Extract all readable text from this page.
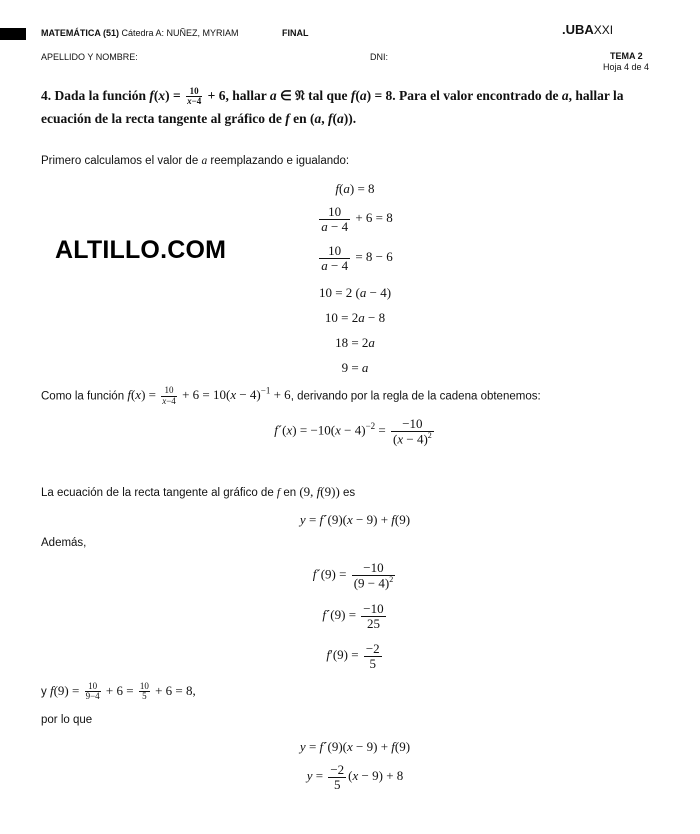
MATEMÁTICA (51) Cátedra A: NUÑEZ, MYRIAM	FINAL	.UBAXXI
APELLIDO Y NOMBRE:	DNI:	TEMA 2
Hoja 4 de 4
4. Dada la función $f(x) = \frac{10}{x-4} + 6$, hallar a ∈ 𝔑 tal que f(a) = 8. Para el valor encontrado de a, hallar la
ecuación de la recta tangente al gráfico de f en (a, f(a)).
Primero calculamos el valor de a reemplazando e igualando:
f(a) = 8
$\frac{10}{a - 4} + 6 = 8$
$\frac{10}{a - 4} = 8 - 6$
10 = 2 (a − 4)
10 = 2a − 8
18 = 2a
9 = a
ALTILLO.COM
Como la función $f(x) = \frac{10}{x-4} + 6 = 10(x - 4)^{-1} + 6$, derivando por la regla de la cadena obtenemos:
f´(x) = $-10(x - 4)^{-2} = \frac{-10}{(x - 4)^2}$
La ecuación de la recta tangente al gráfico de f en (9, f(9)) es
y = f´(9)(x − 9) + f(9)
Además,
f´(9) = $\frac{-10}{(9 - 4)^2}$
f´(9) = $\frac{-10}{25}$
$f'(9) = \frac{-2}{5}$
y $f(9) = \frac{10}{9-4} + 6 = \frac{10}{5} + 6 = 8$,
por lo que
y = f´(9)(x − 9) + f(9)
$y = \frac{-2}{5} (x - 9) + 8$
